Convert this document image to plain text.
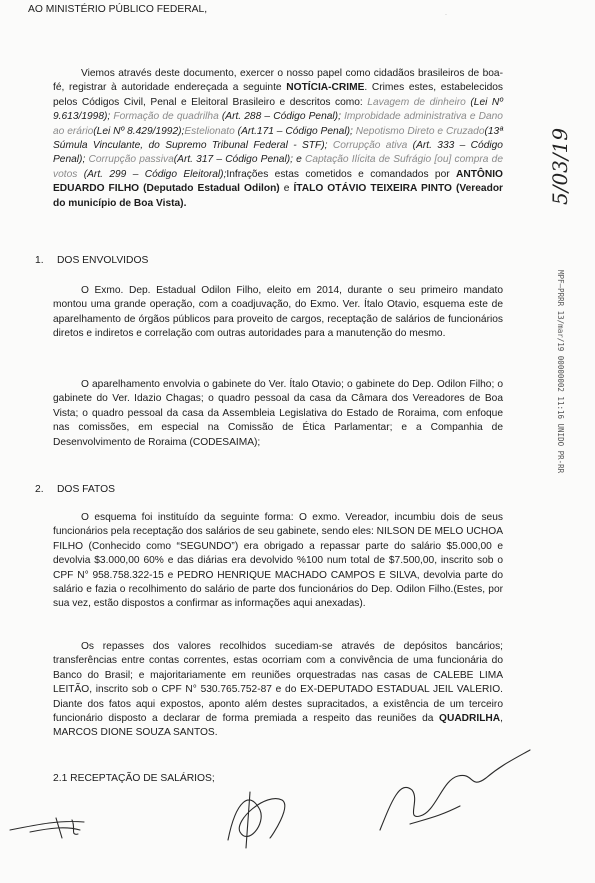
AO MINISTÉRIO PÚBLICO FEDERAL,	·

Viemos através deste documento, exercer o nosso papel como cidadãos brasileiros de boa-fé, registrar à autoridade endereçada a seguinte NOTÍCIA-CRIME. Crimes estes, estabelecidos pelos Códigos Civil, Penal e Eleitoral Brasileiro e descritos como: Lavagem de dinheiro (Lei Nº 9.613/1998); Formação de quadrilha (Art. 288 – Código Penal); Improbidade administrativa e Dano ao erário(Lei Nº 8.429/1992);Estelionato (Art.171 – Código Penal); Nepotismo Direto e Cruzado(13ª Súmula Vinculante, do Supremo Tribunal Federal - STF); Corrupção ativa (Art. 333 – Código Penal); Corrupção passiva(Art. 317 – Código Penal); e Captação Ilícita de Sufrágio [ou] compra de votos (Art. 299 – Código Eleitoral);Infrações estas cometidos e comandados por ANTÔNIO EDUARDO FILHO (Deputado Estadual Odilon) e ÍTALO OTÁVIO TEIXEIRA PINTO (Vereador do município de Boa Vista).

1. DOS ENVOLVIDOS

O Exmo. Dep. Estadual Odilon Filho, eleito em 2014, durante o seu primeiro mandato montou uma grande operação, com a coadjuvação, do Exmo. Ver. Ítalo Otavio, esquema este de aparelhamento de órgãos públicos para proveito de cargos, receptação de salários de funcionários diretos e indiretos e correlação com outras autoridades para a manutenção do mesmo.

O aparelhamento envolvia o gabinete do Ver. Ítalo Otavio; o gabinete do Dep. Odilon Filho; o gabinete do Ver. Idazio Chagas; o quadro pessoal da casa da Câmara dos Vereadores de Boa Vista; o quadro pessoal da casa da Assembleia Legislativa do Estado de Roraima, com enfoque nas comissões, em especial na Comissão de Ética Parlamentar; e a Companhia de Desenvolvimento de Roraima (CODESAIMA);

2. DOS FATOS

O esquema foi instituído da seguinte forma: O exmo. Vereador, incumbiu dois de seus funcionários pela receptação dos salários de seu gabinete, sendo eles: NILSON DE MELO UCHOA FILHO (Conhecido como “SEGUNDO”) era obrigado a repassar parte do salário $5.000,00 e devolvia $3.000,00 60% e das diárias era devolvido %100 num total de $7.500,00, inscrito sob o CPF N° 958.758.322-15 e PEDRO HENRIQUE MACHADO CAMPOS E SILVA, devolvia parte do salário e fazia o recolhimento do salário de parte dos funcionários do Dep. Odilon Filho.(Estes, por sua vez, estão dispostos a confirmar as informações aqui anexadas).

Os repasses dos valores recolhidos sucediam-se através de depósitos bancários; transferências entre contas correntes, estas ocorriam com a convivência de uma funcionária do Banco do Brasil; e majoritariamente em reuniões orquestradas nas casas de CALEBE LIMA LEITÃO, inscrito sob o CPF N° 530.765.752-87 e do EX-DEPUTADO ESTADUAL JEIL VALERIO. Diante dos fatos aqui expostos, aponto além destes supracitados, a existência de um terceiro funcionário disposto a declarar de forma premiada a respeito das reuniões da QUADRILHA, MARCOS DIONE SOUZA SANTOS.

2.1 RECEPTAÇÃO DE SALÁRIOS;
MPF–PRRR 13/mar/19 00000002 11:16 UNIDO PR-RR
5/03/19
